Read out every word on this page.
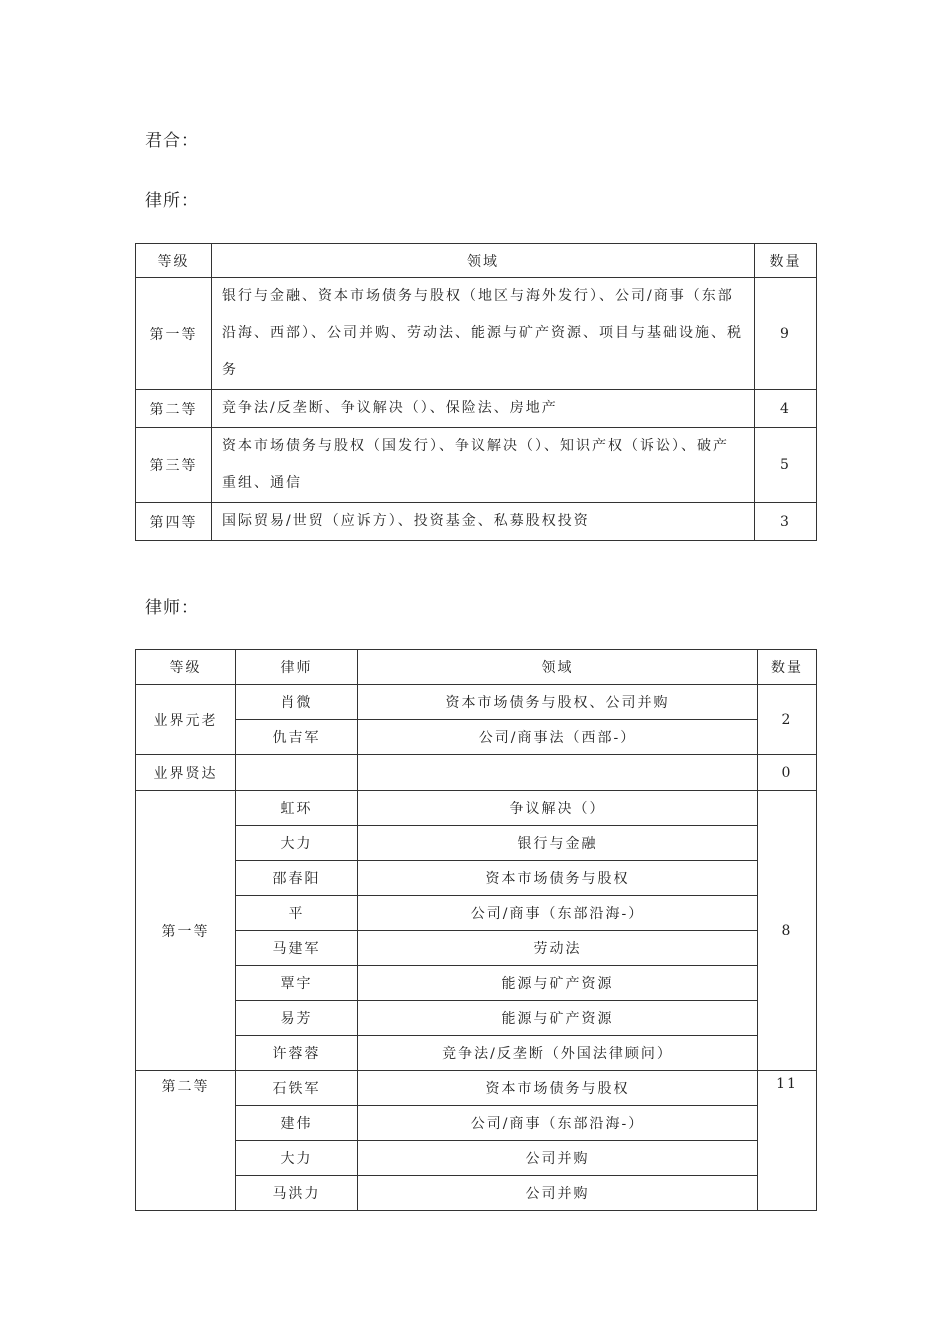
君合：
律所：
等级	领域	数量
第一等	银行与金融、资本市场债务与股权（地区与海外发行）、公司/商事（东部沿海、西部）、公司并购、劳动法、能源与矿产资源、项目与基础设施、税务	9
第二等	竞争法/反垄断、争议解决（）、保险法、房地产	4
第三等	资本市场债务与股权（国发行）、争议解决（）、知识产权（诉讼）、破产重组、通信	5
第四等	国际贸易/世贸（应诉方）、投资基金、私募股权投资	3
律师：
等级	律师	领域	数量
业界元老	肖微	资本市场债务与股权、公司并购	2
	仇吉军	公司/商事法（西部-）	
业界贤达			0
第一等	虹环	争议解决（）	8
	大力	银行与金融	
	邵春阳	资本市场债务与股权	
	平	公司/商事（东部沿海-）	
	马建军	劳动法	
	覃宇	能源与矿产资源	
	易芳	能源与矿产资源	
	许蓉蓉	竞争法/反垄断（外国法律顾问）	
第二等	石铁军	资本市场债务与股权	11
	建伟	公司/商事（东部沿海-）	
	大力	公司并购	
	马洪力	公司并购	
